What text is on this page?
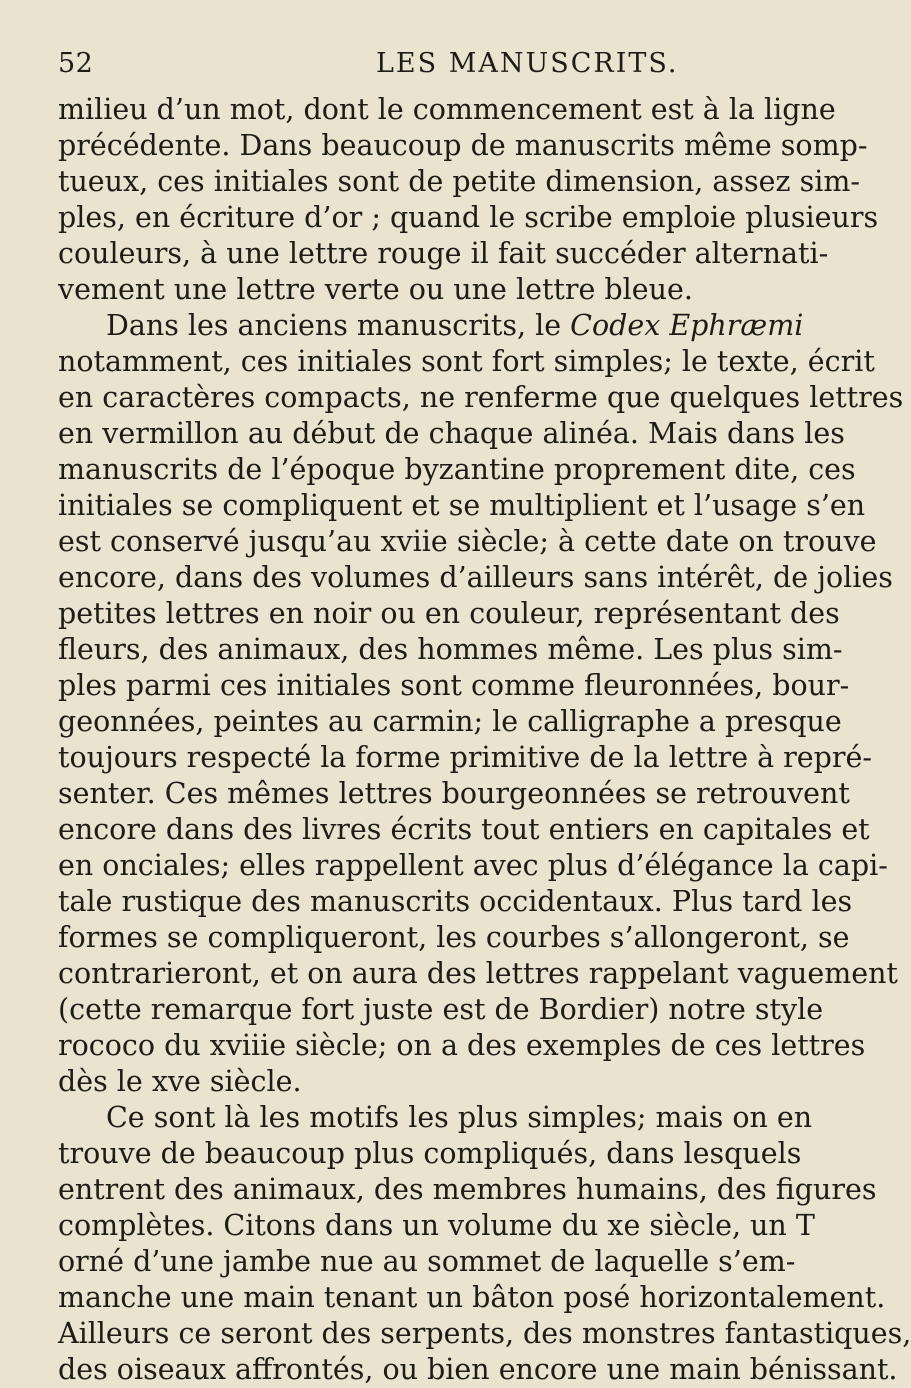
52	LES MANUSCRITS.
milieu d’un mot, dont le commencement est à la ligne
précédente. Dans beaucoup de manuscrits même somp-
tueux, ces initiales sont de petite dimension, assez sim-
ples, en écriture d’or ; quand le scribe emploie plusieurs
couleurs, à une lettre rouge il fait succéder alternati-
vement une lettre verte ou une lettre bleue.
Dans les anciens manuscrits, le Codex Ephræmi
notamment, ces initiales sont fort simples; le texte, écrit
en caractères compacts, ne renferme que quelques lettres
en vermillon au début de chaque alinéa. Mais dans les
manuscrits de l’époque byzantine proprement dite, ces
initiales se compliquent et se multiplient et l’usage s’en
est conservé jusqu’au xviie siècle; à cette date on trouve
encore, dans des volumes d’ailleurs sans intérêt, de jolies
petites lettres en noir ou en couleur, représentant des
fleurs, des animaux, des hommes même. Les plus sim-
ples parmi ces initiales sont comme fleuronnées, bour-
geonnées, peintes au carmin; le calligraphe a presque
toujours respecté la forme primitive de la lettre à repré-
senter. Ces mêmes lettres bourgeonnées se retrouvent
encore dans des livres écrits tout entiers en capitales et
en onciales; elles rappellent avec plus d’élégance la capi-
tale rustique des manuscrits occidentaux. Plus tard les
formes se compliqueront, les courbes s’allongeront, se
contrarieront, et on aura des lettres rappelant vaguement
(cette remarque fort juste est de Bordier) notre style
rococo du xviiie siècle; on a des exemples de ces lettres
dès le xve siècle.
Ce sont là les motifs les plus simples; mais on en
trouve de beaucoup plus compliqués, dans lesquels
entrent des animaux, des membres humains, des figures
complètes. Citons dans un volume du xe siècle, un T
orné d’une jambe nue au sommet de laquelle s’em-
manche une main tenant un bâton posé horizontalement.
Ailleurs ce seront des serpents, des monstres fantastiques,
des oiseaux affrontés, ou bien encore une main bénissant.
